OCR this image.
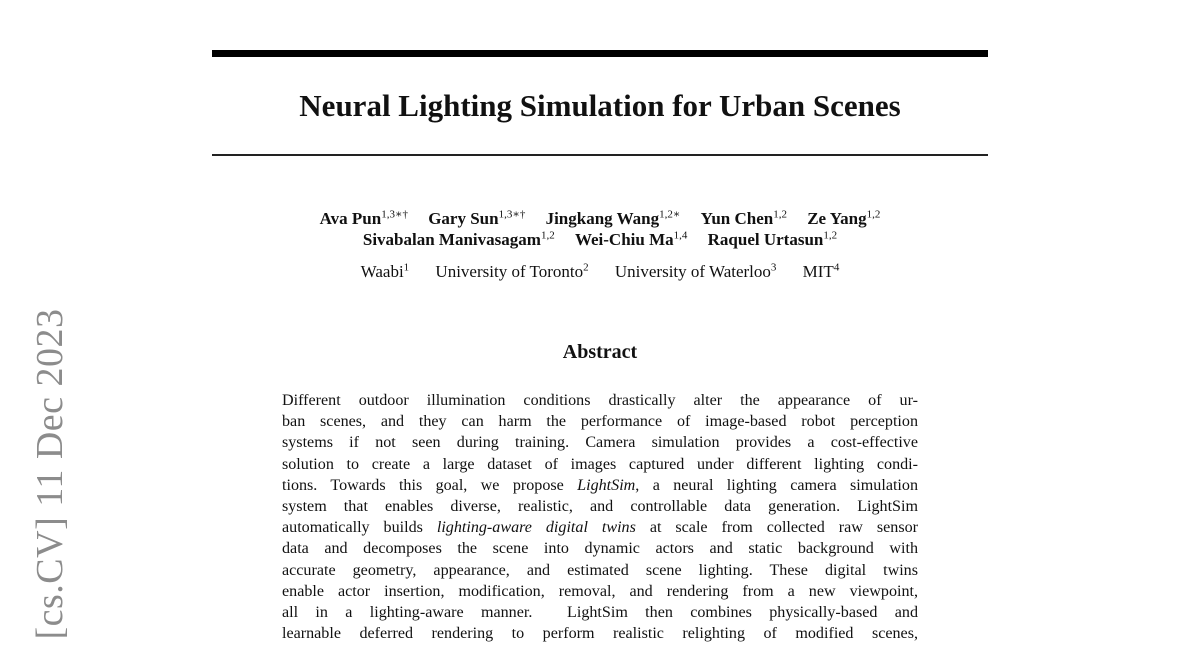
[cs.CV] 11 Dec 2023
Neural Lighting Simulation for Urban Scenes
Ava Pun$^{1,3∗\dagger}$ Gary Sun$^{1,3∗\dagger}$ Jingkang Wang$^{1,2∗}$ Yun Chen$^{1,2}$ Ze Yang$^{1,2}$
Sivabalan Manivasagam$^{1,2}$ Wei-Chiu Ma$^{1,4}$ Raquel Urtasun$^{1,2}$
Waabi$^1$ University of Toronto$^2$ University of Waterloo$^3$ MIT$^4$
Abstract
Different outdoor illumination conditions drastically alter the appearance of ur-
ban scenes, and they can harm the performance of image-based robot perception
systems if not seen during training. Camera simulation provides a cost-effective
solution to create a large dataset of images captured under different lighting condi-
tions. Towards this goal, we propose LightSim, a neural lighting camera simulation
system that enables diverse, realistic, and controllable data generation. LightSim
automatically builds lighting-aware digital twins at scale from collected raw sensor
data and decomposes the scene into dynamic actors and static background with
accurate geometry, appearance, and estimated scene lighting. These digital twins
enable actor insertion, modification, removal, and rendering from a new viewpoint,
all in a lighting-aware manner.  LightSim then combines physically-based and
learnable deferred rendering to perform realistic relighting of modified scenes,
